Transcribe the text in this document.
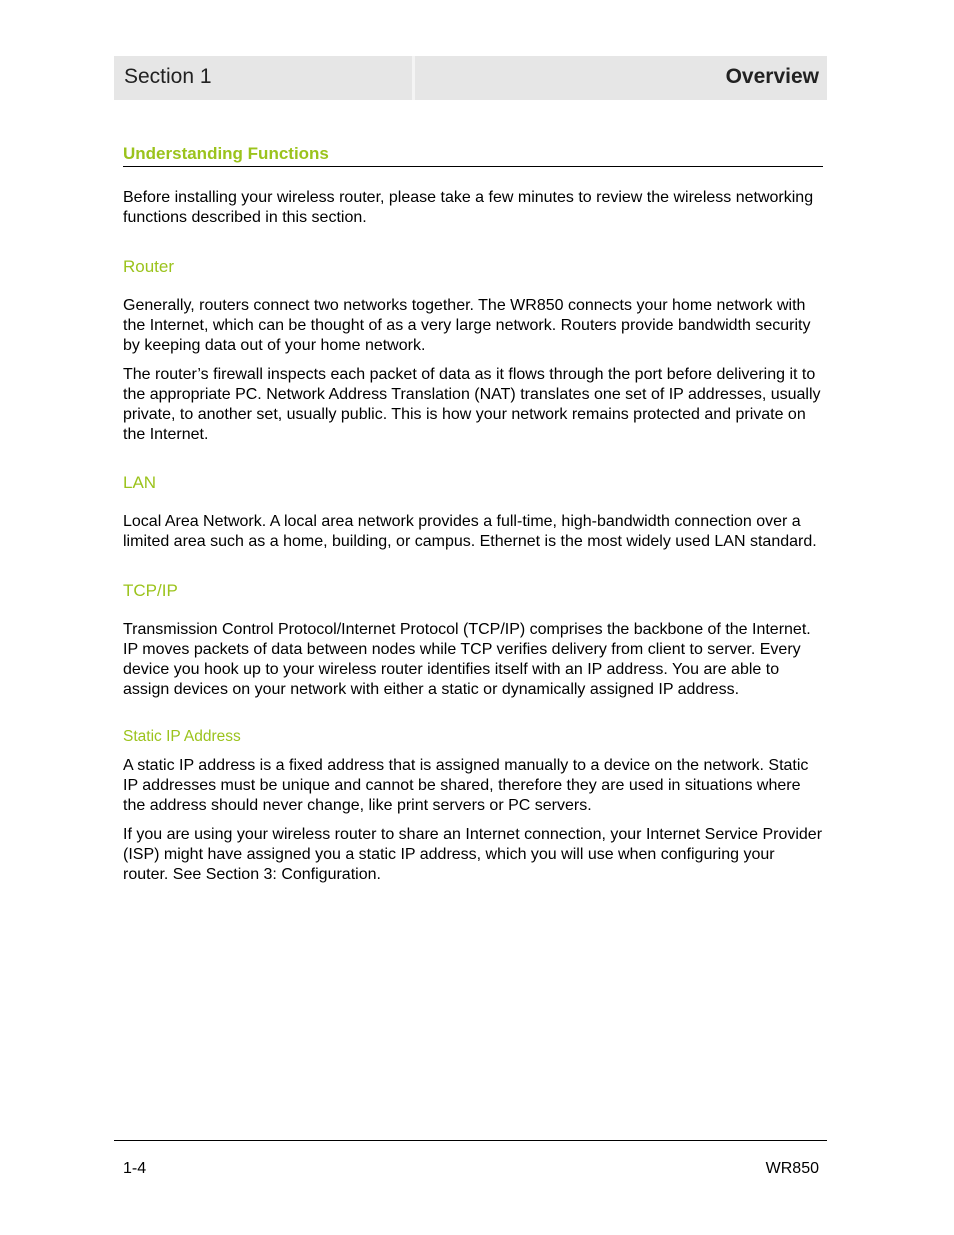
Section 1	Overview
Understanding Functions

Before installing your wireless router, please take a few minutes to review the wireless networking functions described in this section.

Router

Generally, routers connect two networks together. The WR850 connects your home network with the Internet, which can be thought of as a very large network. Routers provide bandwidth security by keeping data out of your home network.

The router’s firewall inspects each packet of data as it flows through the port before delivering it to the appropriate PC. Network Address Translation (NAT) translates one set of IP addresses, usually private, to another set, usually public. This is how your network remains protected and private on the Internet.

LAN

Local Area Network. A local area network provides a full-time, high-bandwidth connection over a limited area such as a home, building, or campus. Ethernet is the most widely used LAN standard.

TCP/IP

Transmission Control Protocol/Internet Protocol (TCP/IP) comprises the backbone of the Internet. IP moves packets of data between nodes while TCP verifies delivery from client to server. Every device you hook up to your wireless router identifies itself with an IP address. You are able to assign devices on your network with either a static or dynamically assigned IP address.

Static IP Address

A static IP address is a fixed address that is assigned manually to a device on the network. Static IP addresses must be unique and cannot be shared, therefore they are used in situations where the address should never change, like print servers or PC servers.

If you are using your wireless router to share an Internet connection, your Internet Service Provider (ISP) might have assigned you a static IP address, which you will use when configuring your router. See Section 3: Configuration.

1-4	WR850
